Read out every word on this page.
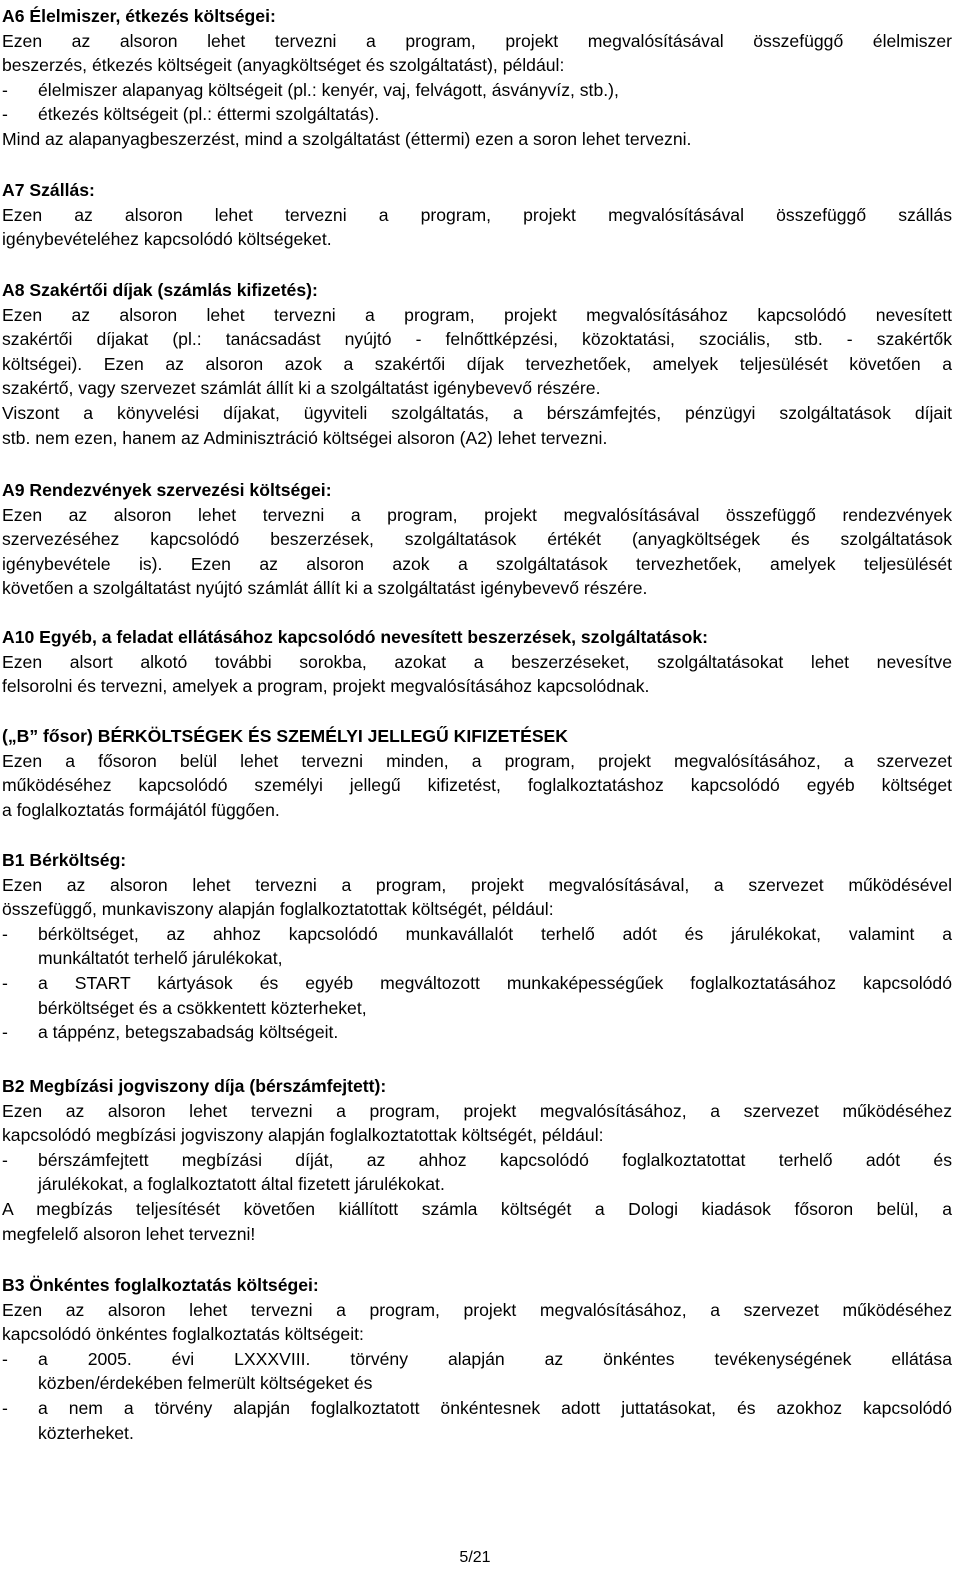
A6 Élelmiszer, étkezés költségei:
Ezen az alsoron lehet tervezni a program, projekt megvalósításával összefüggő élelmiszer
beszerzés, étkezés költségeit (anyagköltséget és szolgáltatást), például:
- élelmiszer alapanyag költségeit (pl.: kenyér, vaj, felvágott, ásványvíz, stb.),
- étkezés költségeit (pl.: éttermi szolgáltatás).
Mind az alapanyagbeszerzést, mind a szolgáltatást (éttermi) ezen a soron lehet tervezni.
A7 Szállás:
Ezen az alsoron lehet tervezni a program, projekt megvalósításával összefüggő szállás
igénybevételéhez kapcsolódó költségeket.
A8 Szakértői díjak (számlás kifizetés):
Ezen az alsoron lehet tervezni a program, projekt megvalósításához kapcsolódó nevesített
szakértői díjakat (pl.: tanácsadást nyújtó - felnőttképzési, közoktatási, szociális, stb. - szakértők
költségei). Ezen az alsoron azok a szakértői díjak tervezhetőek, amelyek teljesülését követően a
szakértő, vagy szervezet számlát állít ki a szolgáltatást igénybevevő részére.
Viszont a könyvelési díjakat, ügyviteli szolgáltatás, a bérszámfejtés, pénzügyi szolgáltatások díjait
stb. nem ezen, hanem az Adminisztráció költségei alsoron (A2) lehet tervezni.
A9 Rendezvények szervezési költségei:
Ezen az alsoron lehet tervezni a program, projekt megvalósításával összefüggő rendezvények
szervezéséhez kapcsolódó beszerzések, szolgáltatások értékét (anyagköltségek és szolgáltatások
igénybevétele is). Ezen az alsoron azok a szolgáltatások tervezhetőek, amelyek teljesülését
követően a szolgáltatást nyújtó számlát állít ki a szolgáltatást igénybevevő részére.
A10 Egyéb, a feladat ellátásához kapcsolódó nevesített beszerzések, szolgáltatások:
Ezen alsort alkotó további sorokba, azokat a beszerzéseket, szolgáltatásokat lehet nevesítve
felsorolni és tervezni, amelyek a program, projekt megvalósításához kapcsolódnak.
(„B” fősor) BÉRKÖLTSÉGEK ÉS SZEMÉLYI JELLEGŰ KIFIZETÉSEK
Ezen a fősoron belül lehet tervezni minden, a program, projekt megvalósításához, a szervezet
működéséhez kapcsolódó személyi jellegű kifizetést, foglalkoztatáshoz kapcsolódó egyéb költséget
a foglalkoztatás formájától függően.
B1 Bérköltség:
Ezen az alsoron lehet tervezni a program, projekt megvalósításával, a szervezet működésével
összefüggő, munkaviszony alapján foglalkoztatottak költségét, például:
- bérköltséget, az ahhoz kapcsolódó munkavállalót terhelő adót és járulékokat, valamint a
munkáltatót terhelő járulékokat,
- a START kártyások és egyéb megváltozott munkaképességűek foglalkoztatásához kapcsolódó
bérköltséget és a csökkentett közterheket,
- a táppénz, betegszabadság költségeit.
B2 Megbízási jogviszony díja (bérszámfejtett):
Ezen az alsoron lehet tervezni a program, projekt megvalósításához, a szervezet működéséhez
kapcsolódó megbízási jogviszony alapján foglalkoztatottak költségét, például:
- bérszámfejtett megbízási díját, az ahhoz kapcsolódó foglalkoztatottat terhelő adót és
járulékokat, a foglalkoztatott által fizetett járulékokat.
A megbízás teljesítését követően kiállított számla költségét a Dologi kiadások fősoron belül, a
megfelelő alsoron lehet tervezni!
B3 Önkéntes foglalkoztatás költségei:
Ezen az alsoron lehet tervezni a program, projekt megvalósításához, a szervezet működéséhez
kapcsolódó önkéntes foglalkoztatás költségeit:
- a 2005. évi LXXXVIII. törvény alapján az önkéntes tevékenységének ellátása
közben/érdekében felmerült költségeket és
- a nem a törvény alapján foglalkoztatott önkéntesnek adott juttatásokat, és azokhoz kapcsolódó
közterheket.
5/21
